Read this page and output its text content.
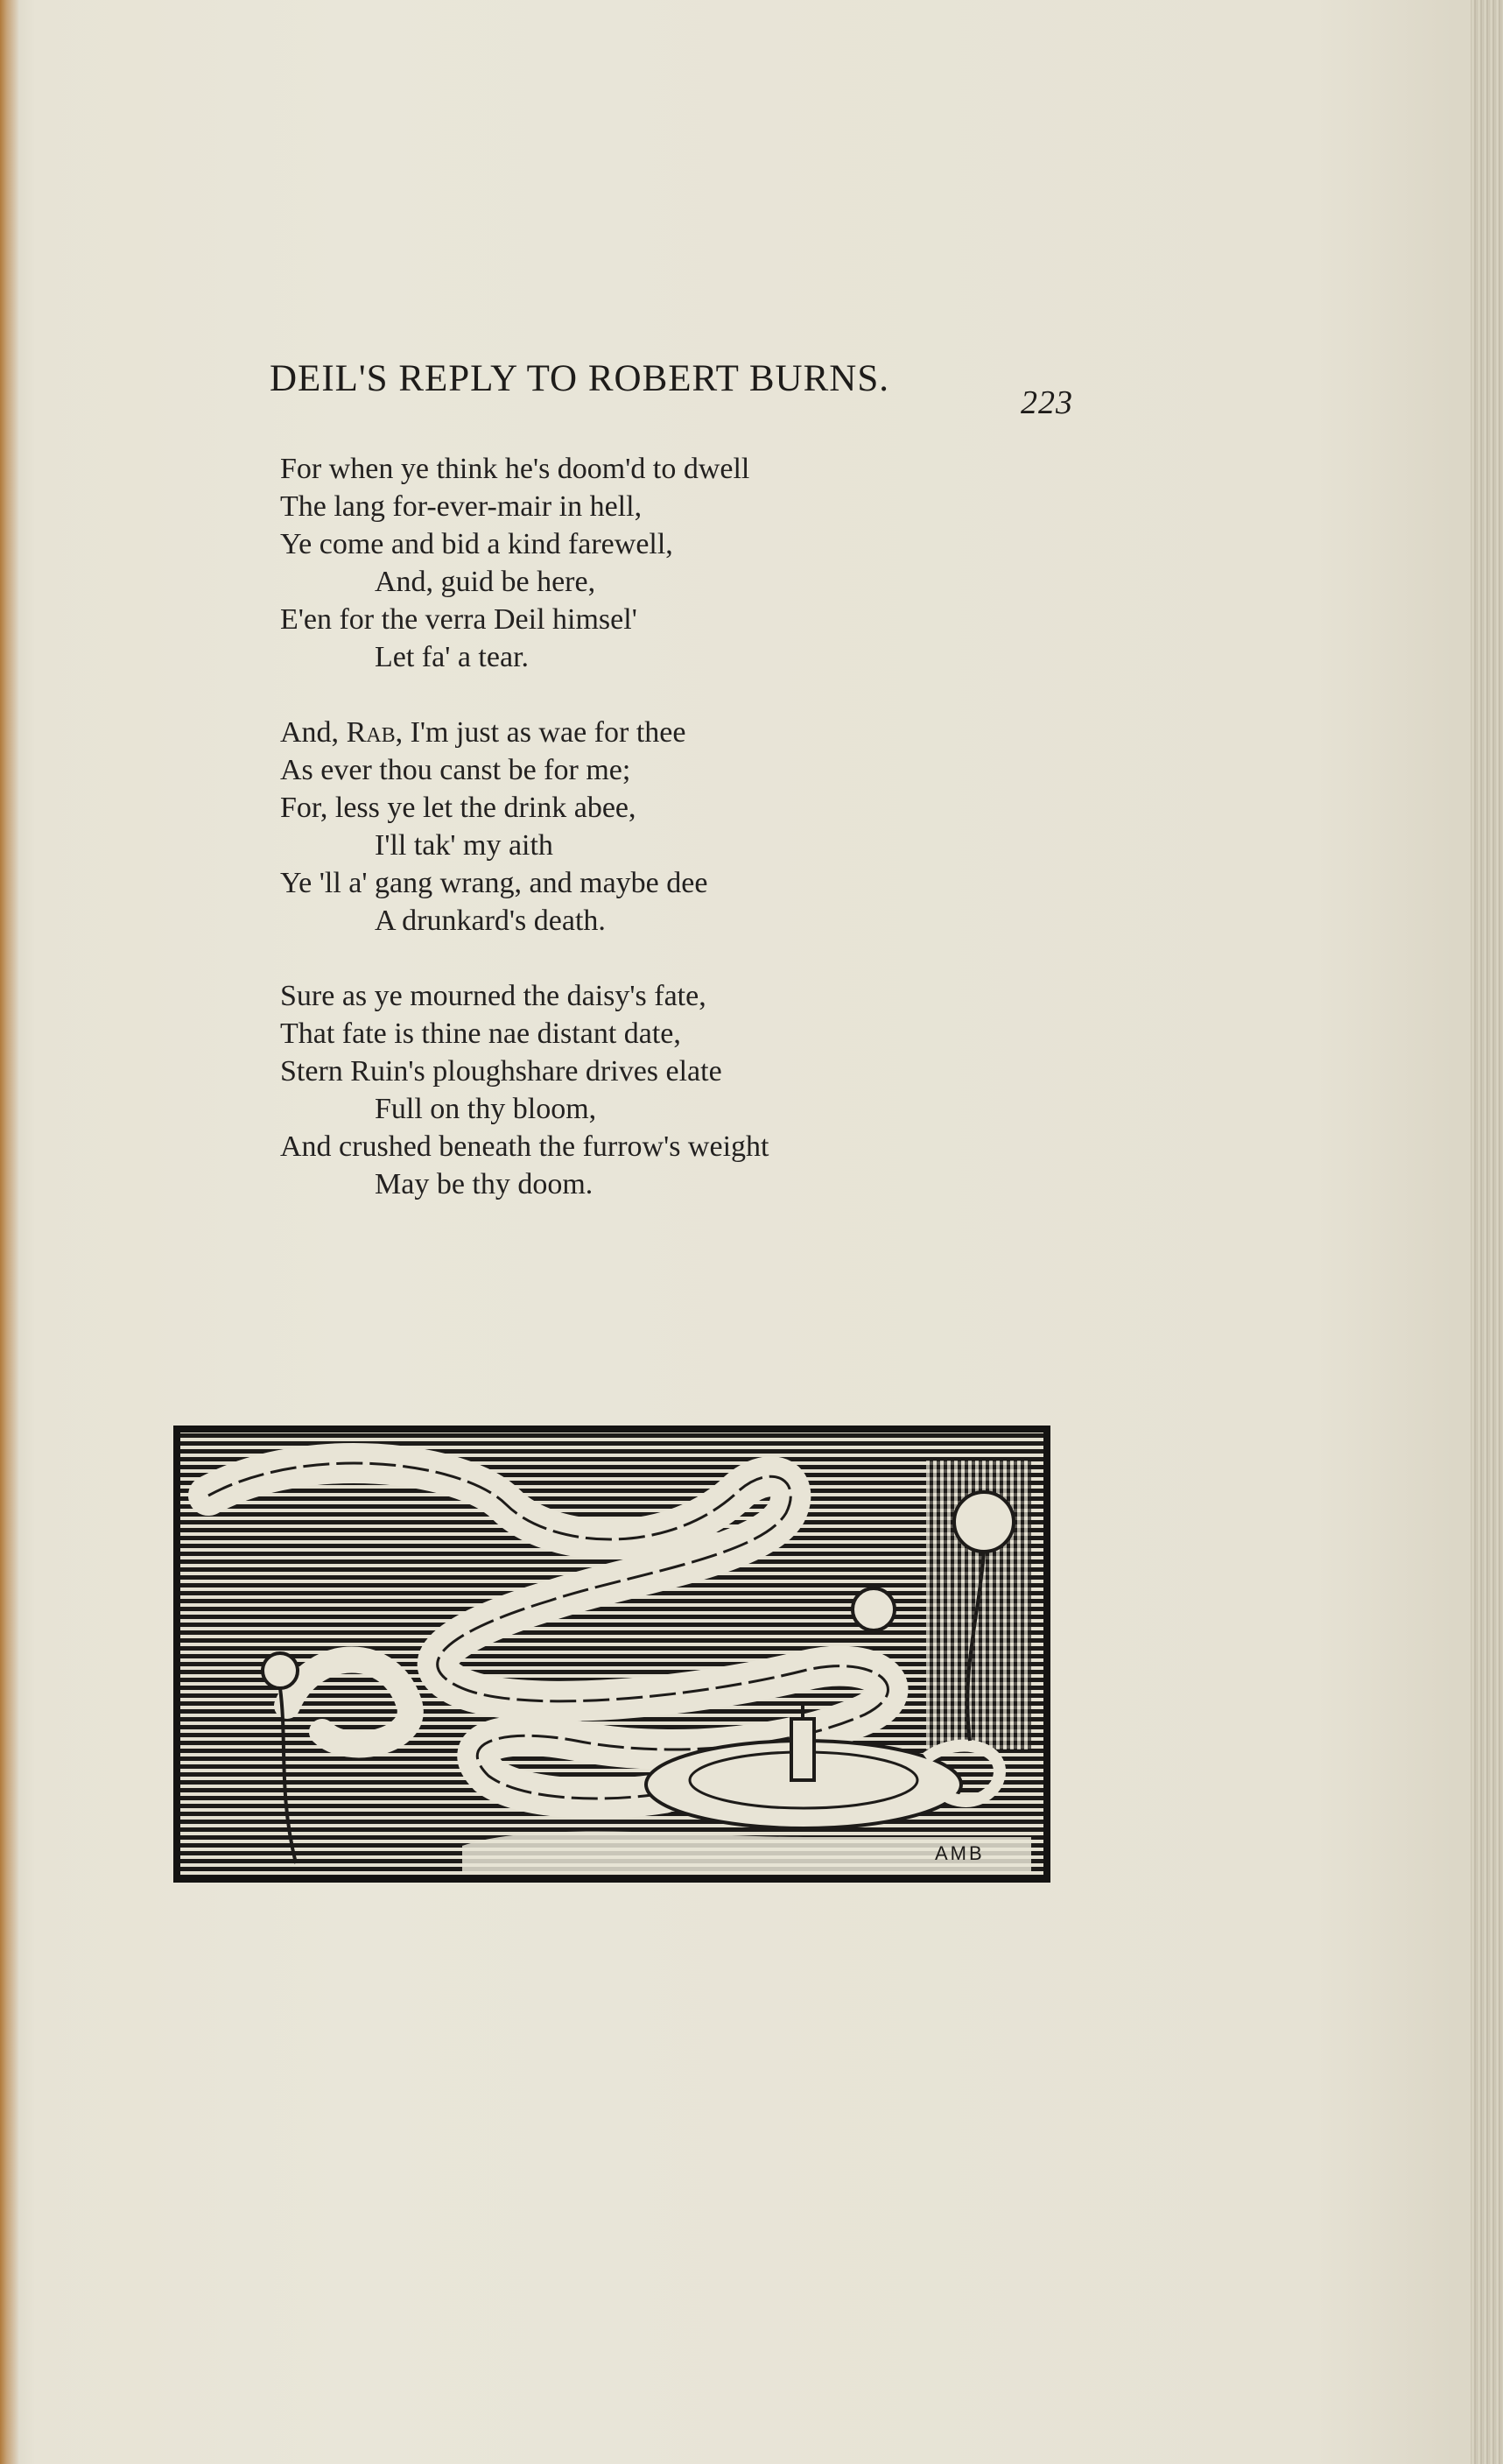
DEIL'S REPLY TO ROBERT BURNS.
223
For when ye think he's doom'd to dwell
The lang for-ever-mair in hell,
Ye come and bid a kind farewell,
And, guid be here,
E'en for the verra Deil himsel'
Let fa' a tear.
And, Rab, I'm just as wae for thee
As ever thou canst be for me;
For, less ye let the drink abee,
I'll tak' my aith
Ye 'll a' gang wrang, and maybe dee
A drunkard's death.
Sure as ye mourned the daisy's fate,
That fate is thine nae distant date,
Stern Ruin's ploughshare drives elate
Full on thy bloom,
And crushed beneath the furrow's weight
May be thy doom.
AMB
